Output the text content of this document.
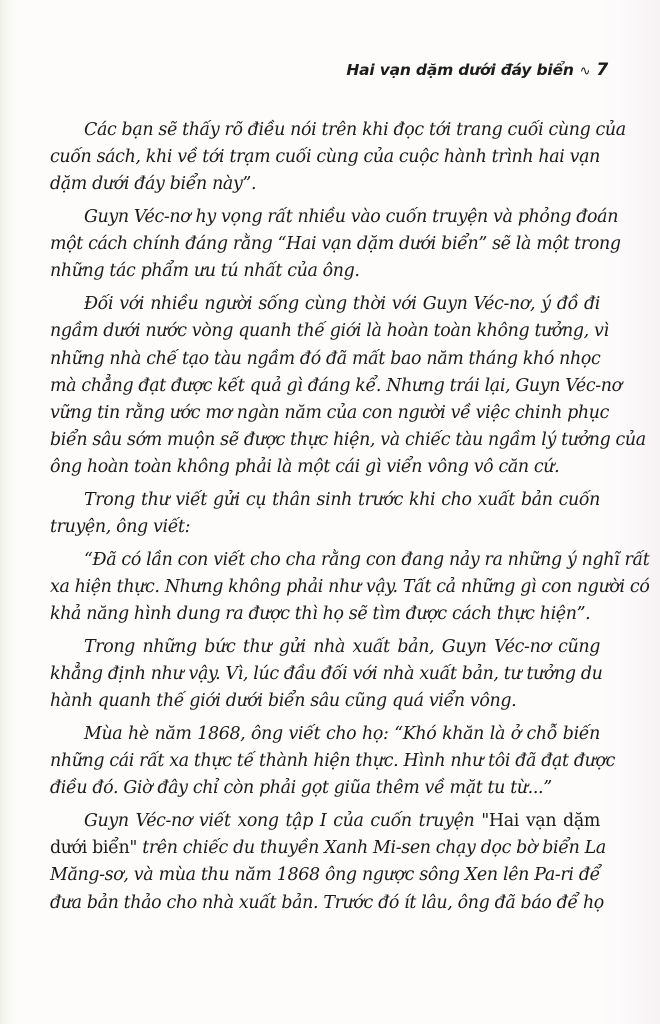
Hai vạn dặm dưới đáy biển ∿ 7
Các bạn sẽ thấy rõ điều nói trên khi đọc tới trang cuối cùng của
cuốn sách, khi về tới trạm cuối cùng của cuộc hành trình hai vạn
dặm dưới đáy biển này”.
Guyn Véc-nơ hy vọng rất nhiều vào cuốn truyện và phỏng đoán
một cách chính đáng rằng “Hai vạn dặm dưới biển” sẽ là một trong
những tác phẩm ưu tú nhất của ông.
Đối với nhiều người sống cùng thời với Guyn Véc-nơ, ý đồ đi
ngầm dưới nước vòng quanh thế giới là hoàn toàn không tưởng, vì
những nhà chế tạo tàu ngầm đó đã mất bao năm tháng khó nhọc
mà chẳng đạt được kết quả gì đáng kể. Nhưng trái lại, Guyn Véc-nơ
vững tin rằng ước mơ ngàn năm của con người về việc chinh phục
biển sâu sớm muộn sẽ được thực hiện, và chiếc tàu ngầm lý tưởng của
ông hoàn toàn không phải là một cái gì viển vông vô căn cứ.
Trong thư viết gửi cụ thân sinh trước khi cho xuất bản cuốn
truyện, ông viết:
“Đã có lần con viết cho cha rằng con đang nảy ra những ý nghĩ rất
xa hiện thực. Nhưng không phải như vậy. Tất cả những gì con người có
khả năng hình dung ra được thì họ sẽ tìm được cách thực hiện”.
Trong những bức thư gửi nhà xuất bản, Guyn Véc-nơ cũng
khẳng định như vậy. Vì, lúc đầu đối với nhà xuất bản, tư tưởng du
hành quanh thế giới dưới biển sâu cũng quá viển vông.
Mùa hè năm 1868, ông viết cho họ: “Khó khăn là ở chỗ biến
những cái rất xa thực tế thành hiện thực. Hình như tôi đã đạt được
điều đó. Giờ đây chỉ còn phải gọt giũa thêm về mặt tu từ...”
Guyn Véc-nơ viết xong tập I của cuốn truyện "Hai vạn dặm
dưới biển" trên chiếc du thuyền Xanh Mi-sen chạy dọc bờ biển La
Măng-sơ, và mùa thu năm 1868 ông ngược sông Xen lên Pa-ri để
đưa bản thảo cho nhà xuất bản. Trước đó ít lâu, ông đã báo để họ
